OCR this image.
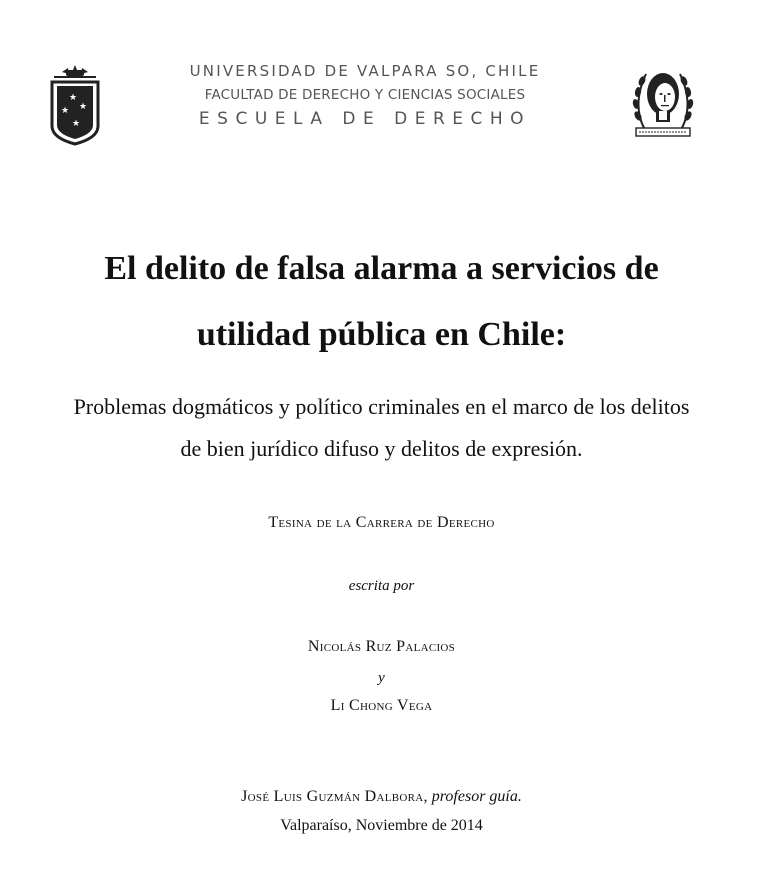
★
★ ★
★
UNIVERSIDAD DE VALPARA SO, CHILE
FACULTAD DE DERECHO Y CIENCIAS SOCIALES
ESCUELA DE DERECHO
El delito de falsa alarma a servicios de
utilidad pública en Chile:
Problemas dogmáticos y político criminales en el marco de los delitos
de bien jurídico difuso y delitos de expresión.
Tesina de la Carrera de Derecho
escrita por
Nicolás Ruz Palacios
y
Li Chong Vega
José Luis Guzmán Dalbora, profesor guía.
Valparaíso, Noviembre de 2014
